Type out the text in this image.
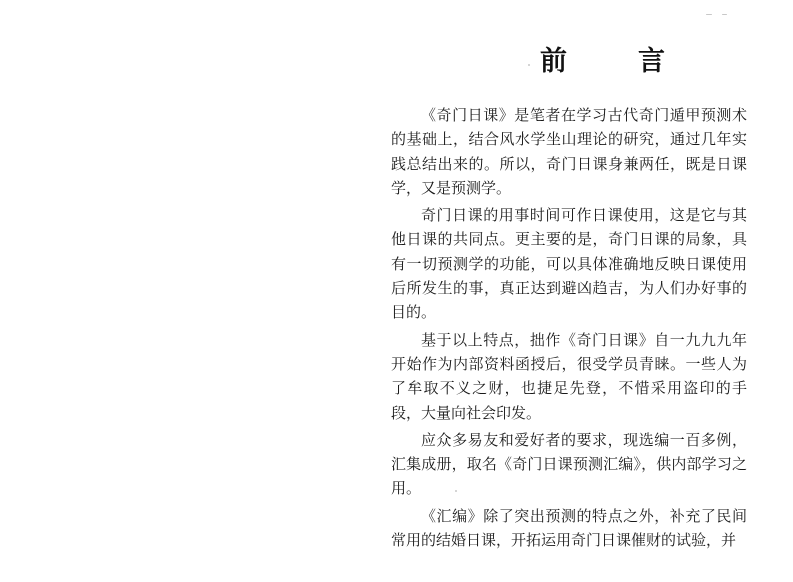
前　言

《奇门日课》是笔者在学习古代奇门遁甲预测术的基础上，结合风水学坐山理论的研究，通过几年实践总结出来的。所以，奇门日课身兼两任，既是日课学，又是预测学。

奇门日课的用事时间可作日课使用，这是它与其他日课的共同点。更主要的是，奇门日课的局象，具有一切预测学的功能，可以具体准确地反映日课使用后所发生的事，真正达到避凶趋吉，为人们办好事的目的。

基于以上特点，拙作《奇门日课》自一九九九年开始作为内部资料函授后，很受学员青睐。一些人为了牟取不义之财，也捷足先登，不惜采用盗印的手段，大量向社会印发。

应众多易友和爱好者的要求，现选编一百多例，汇集成册，取名《奇门日课预测汇编》，供内部学习之用。

《汇编》除了突出预测的特点之外，补充了民间常用的结婚日课，开拓运用奇门日课催财的试验，并
